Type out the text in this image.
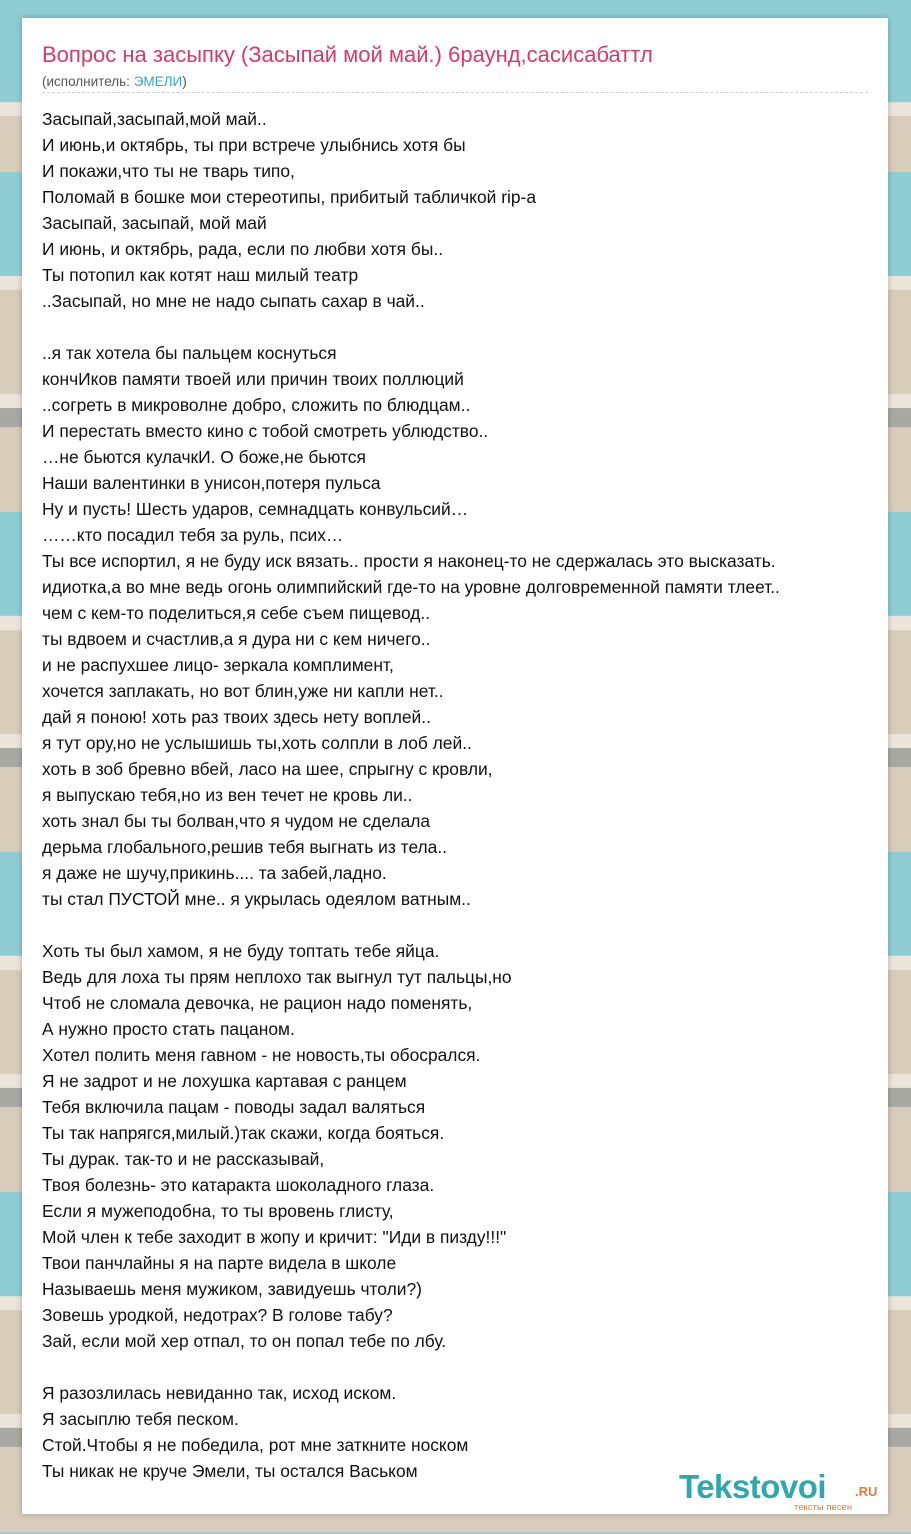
Вопрос на засыпку (Засыпай мой май.) 6раунд,сасисабаттл
(исполнитель: ЭМЕЛИ)
Засыпай,засыпай,мой май..
И июнь,и октябрь, ты при встрече улыбнись хотя бы
И покажи,что ты не тварь типо,
Поломай в бошке мои стереотипы, прибитый табличкой rip-а
Засыпай, засыпай, мой май
И июнь, и октябрь, рада, если по любви хотя бы..
Ты потопил как котят наш милый театр
..Засыпай, но мне не надо сыпать сахар в чай..
..я так хотела бы пальцем коснуться
кончИков памяти твоей или причин твоих поллюций
..согреть в микроволне добро, сложить по блюдцам..
И перестать вместо кино с тобой смотреть ублюдство..
…не бьются кулачкИ. О боже,не бьются
Наши валентинки в унисон,потеря пульса
Ну и пусть! Шесть ударов, семнадцать конвульсий…
……кто посадил тебя за руль, псих…
Ты все испортил, я не буду иск вязать.. прости я наконец-то не сдержалась это высказать.
идиотка,а во мне ведь огонь олимпийский где-то на уровне долговременной памяти тлеет..
чем с кем-то поделиться,я себе съем пищевод..
ты вдвоем и счастлив,а я дура ни с кем ничего..
и не распухшее лицо- зеркала комплимент,
хочется заплакать, но вот блин,уже ни капли нет..
дай я поною! хоть раз твоих здесь нету воплей..
я тут ору,но не услышишь ты,хоть солпли в лоб лей..
хоть в зоб бревно вбей, ласо на шее, спрыгну с кровли,
я выпускаю тебя,но из вен течет не кровь ли..
хоть знал бы ты болван,что я чудом не сделала
дерьма глобального,решив тебя выгнать из тела..
я даже не шучу,прикинь.... та забей,ладно.
ты стал ПУСТОЙ мне.. я укрылась одеялом ватным..
Хоть ты был хамом, я не буду топтать тебе яйца.
Ведь для лоха ты прям неплохо так выгнул тут пальцы,но
Чтоб не сломала девочка, не рацион надо поменять,
А нужно просто стать пацаном.
Хотел полить меня гавном - не новость,ты обосрался.
Я не задрот и не лохушка картавая с ранцем
Тебя включила пацам - поводы задал валяться
Ты так напрягся,милый.)так скажи, когда бояться.
Ты дурак. так-то и не рассказывай,
Твоя болезнь- это катаракта шоколадного глаза.
Если я мужеподобна, то ты вровень глисту,
Мой член к тебе заходит в жопу и кричит: "Иди в пизду!!!"
Твои панчлайны я на парте видела в школе
Называешь меня мужиком, завидуешь чтоли?)
Зовешь уродкой, недотрах? В голове табу?
Зай, если мой хер отпал, то он попал тебе по лбу.
Я разозлилась невиданно так, исход иском.
Я засыплю тебя песком.
Стой.Чтобы я не победила, рот мне заткните носком
Ты никак не круче Эмели, ты остался Васьком	Tekstovoi .RU
тексты песен
